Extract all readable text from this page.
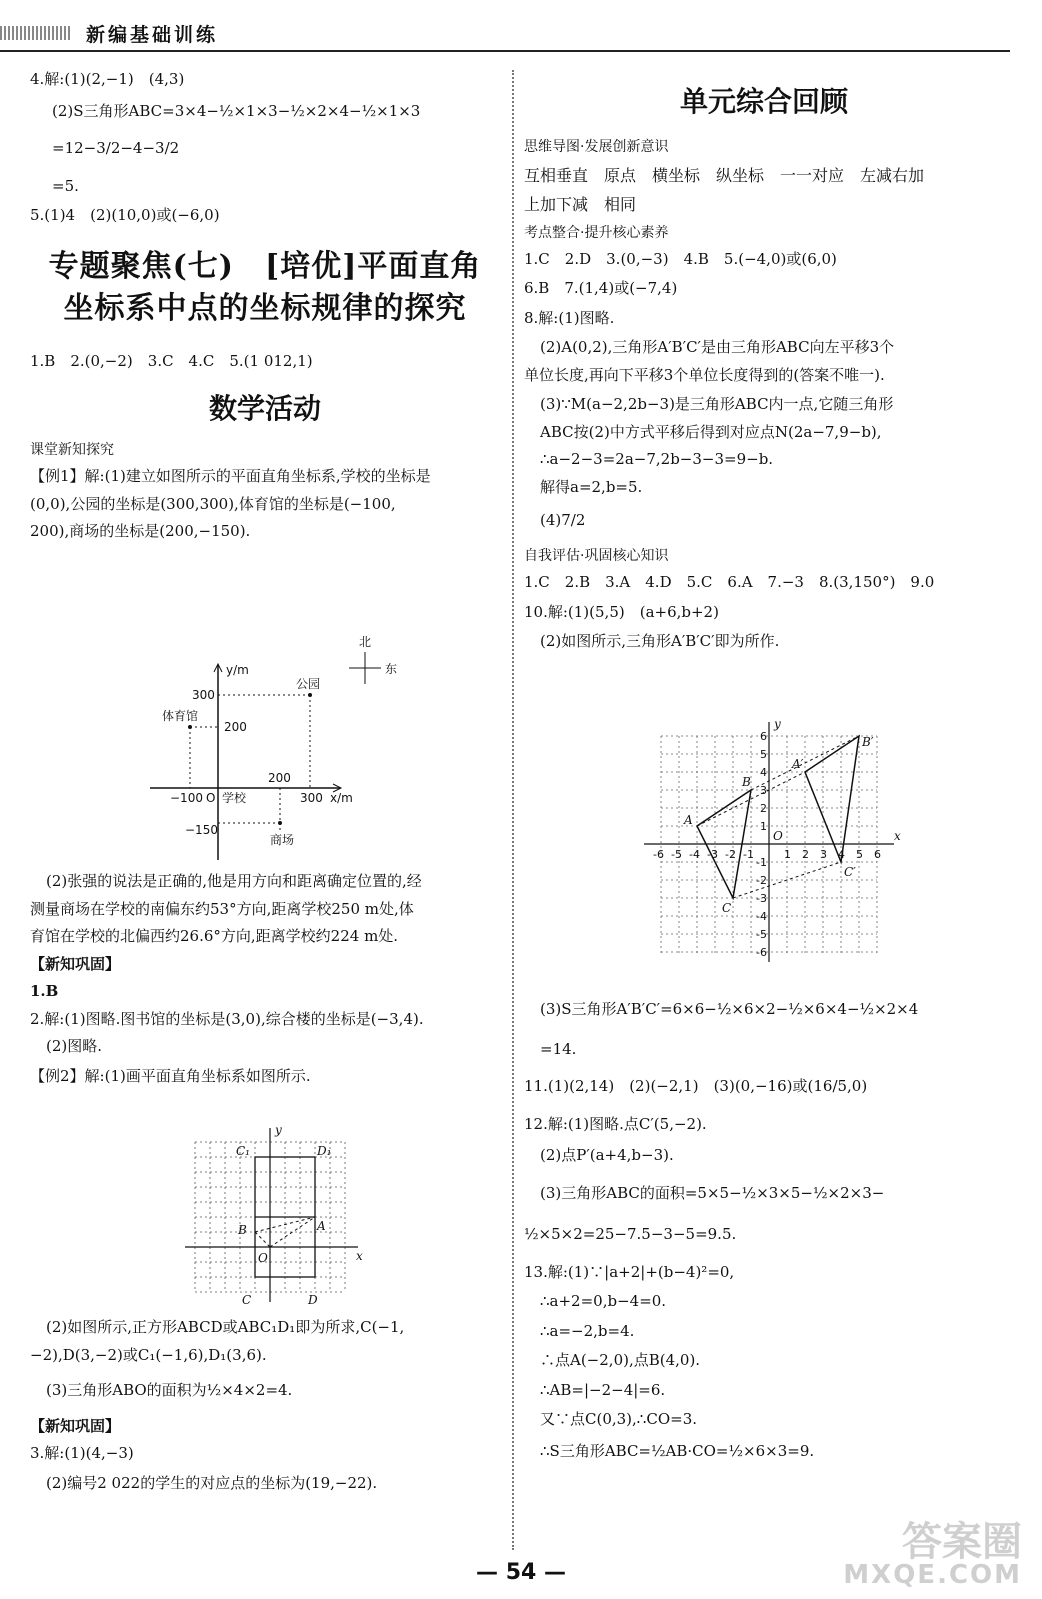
新编基础训练
4.解:(1)(2,−1)　(4,3)
(2)S三角形ABC=3×4−½×1×3−½×2×4−½×1×3
=12−3/2−4−3/2
=5.
5.(1)4　(2)(10,0)或(−6,0)
专题聚焦(七)　[培优]平面直角
坐标系中点的坐标规律的探究
1.B　2.(0,−2)　3.C　4.C　5.(1 012,1)
数学活动
课堂新知探究
【例1】解:(1)建立如图所示的平面直角坐标系,学校的坐标是
(0,0),公园的坐标是(300,300),体育馆的坐标是(−100,
200),商场的坐标是(200,−150).
北
东
y/m
x/m
300
200
−150
−100	300
200
O 学校
公园
体育馆
商场
(2)张强的说法是正确的,他是用方向和距离确定位置的,经
测量商场在学校的南偏东约53°方向,距离学校250 m处,体
育馆在学校的北偏西约26.6°方向,距离学校约224 m处.
【新知巩固】
1.B
2.解:(1)图略.图书馆的坐标是(3,0),综合楼的坐标是(−3,4).
(2)图略.
【例2】解:(1)画平面直角坐标系如图所示.
y
x
C₁	D₁
A
B
O
C	D
(2)如图所示,正方形ABCD或ABC₁D₁即为所求,C(−1,
−2),D(3,−2)或C₁(−1,6),D₁(3,6).
(3)三角形ABO的面积为½×4×2=4.
【新知巩固】
3.解:(1)(4,−3)
(2)编号2 022的学生的对应点的坐标为(19,−22).
单元综合回顾
思维导图·发展创新意识
互相垂直　原点　横坐标　纵坐标　一一对应　左减右加
上加下减　相同
考点整合·提升核心素养
1.C　2.D　3.(0,−3)　4.B　5.(−4,0)或(6,0)
6.B　7.(1,4)或(−7,4)
8.解:(1)图略.
(2)A(0,2),三角形A′B′C′是由三角形ABC向左平移3个
单位长度,再向下平移3个单位长度得到的(答案不唯一).
(3)∵M(a−2,2b−3)是三角形ABC内一点,它随三角形
ABC按(2)中方式平移后得到对应点N(2a−7,9−b),
∴a−2−3=2a−7,2b−3−3=9−b.
解得a=2,b=5.
(4)7/2
自我评估·巩固核心知识
1.C　2.B　3.A　4.D　5.C　6.A　7.−3　8.(3,150°)　9.0
10.解:(1)(5,5)　(a+6,b+2)
(2)如图所示,三角形A′B′C′即为所作.
-6 -5 -4 -3 -2 -1	1 2 3 4 5 6
6
5
4
3
2
1
-1
-2
-3
-4
-5
-6
y
x
O
A
B
C
A′
B′
C′
(3)S三角形A′B′C′=6×6−½×6×2−½×6×4−½×2×4
=14.
11.(1)(2,14)　(2)(−2,1)　(3)(0,−16)或(16/5,0)
12.解:(1)图略.点C′(5,−2).
(2)点P′(a+4,b−3).
(3)三角形ABC的面积=5×5−½×3×5−½×2×3−
½×5×2=25−7.5−3−5=9.5.
13.解:(1)∵|a+2|+(b−4)²=0,
∴a+2=0,b−4=0.
∴a=−2,b=4.
∴点A(−2,0),点B(4,0).
∴AB=|−2−4|=6.
又∵点C(0,3),∴CO=3.
∴S三角形ABC=½AB·CO=½×6×3=9.
答案圈
MXQE.COM
— 54 —
